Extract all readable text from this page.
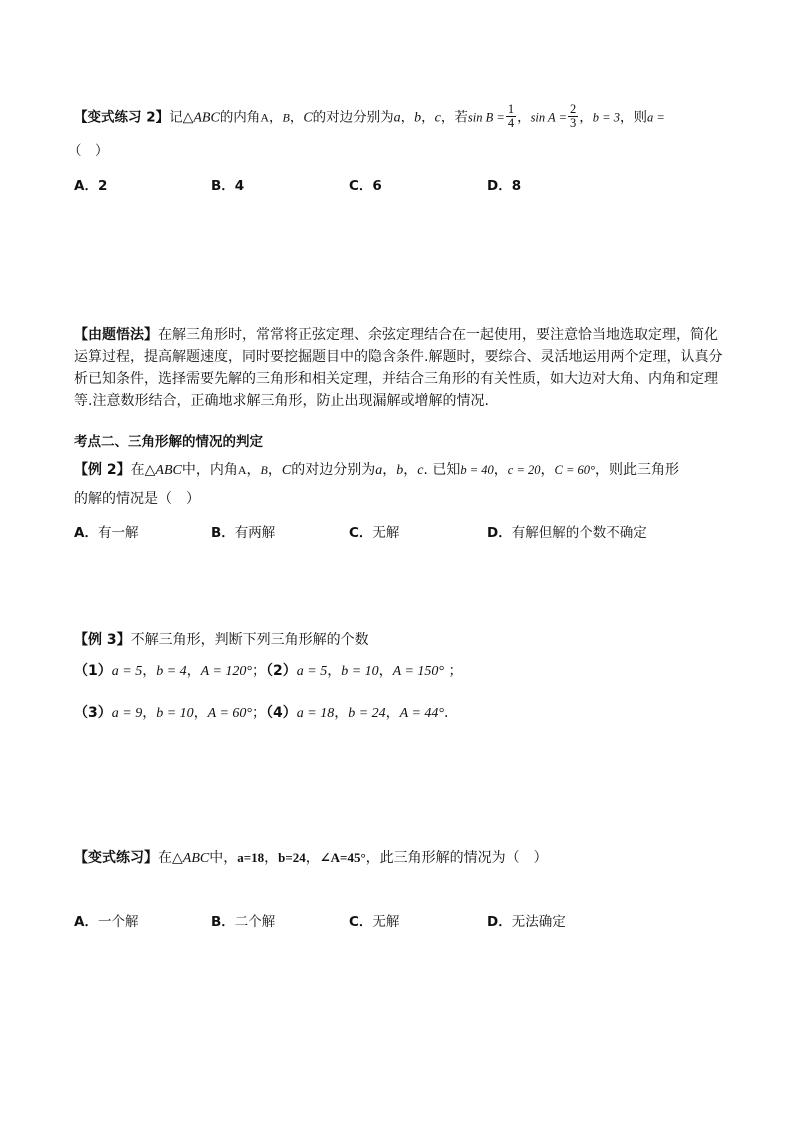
【变式练习 2】记△ABC的内角A，B，C的对边分别为a，b，c，若$\sin B = \frac{1}{4}$ ，$\sin A = \frac{2}{3}$ ，b = 3，则a =
（　）
A．2	B．4	C．6	D．8
【由题悟法】在解三角形时，常常将正弦定理、余弦定理结合在一起使用，要注意恰当地选取定理，简化
运算过程，提高解题速度，同时要挖掘题目中的隐含条件.解题时，要综合、灵活地运用两个定理，认真分
析已知条件，选择需要先解的三角形和相关定理，并结合三角形的有关性质，如大边对大角、内角和定理
等.注意数形结合，正确地求解三角形，防止出现漏解或增解的情况.
考点二、三角形解的情况的判定
【例 2】在△ABC中，内角A，B，C的对边分别为a，b，c. 已知b = 40，c = 20，C = 60°，则此三角形
的解的情况是（　）
A．有一解	B．有两解	C．无解	D．有解但解的个数不确定
【例 3】不解三角形，判断下列三角形解的个数
（1）a = 5，b = 4，A = 120°；（2）a = 5，b = 10，A = 150° ；
（3）a = 9，b = 10，A = 60°；（4）a = 18，b = 24，A = 44°.
【变式练习】在△ABC中，a=18，b=24，∠A=45°，此三角形解的情况为（　）
A．一个解	B．二个解	C．无解	D．无法确定
